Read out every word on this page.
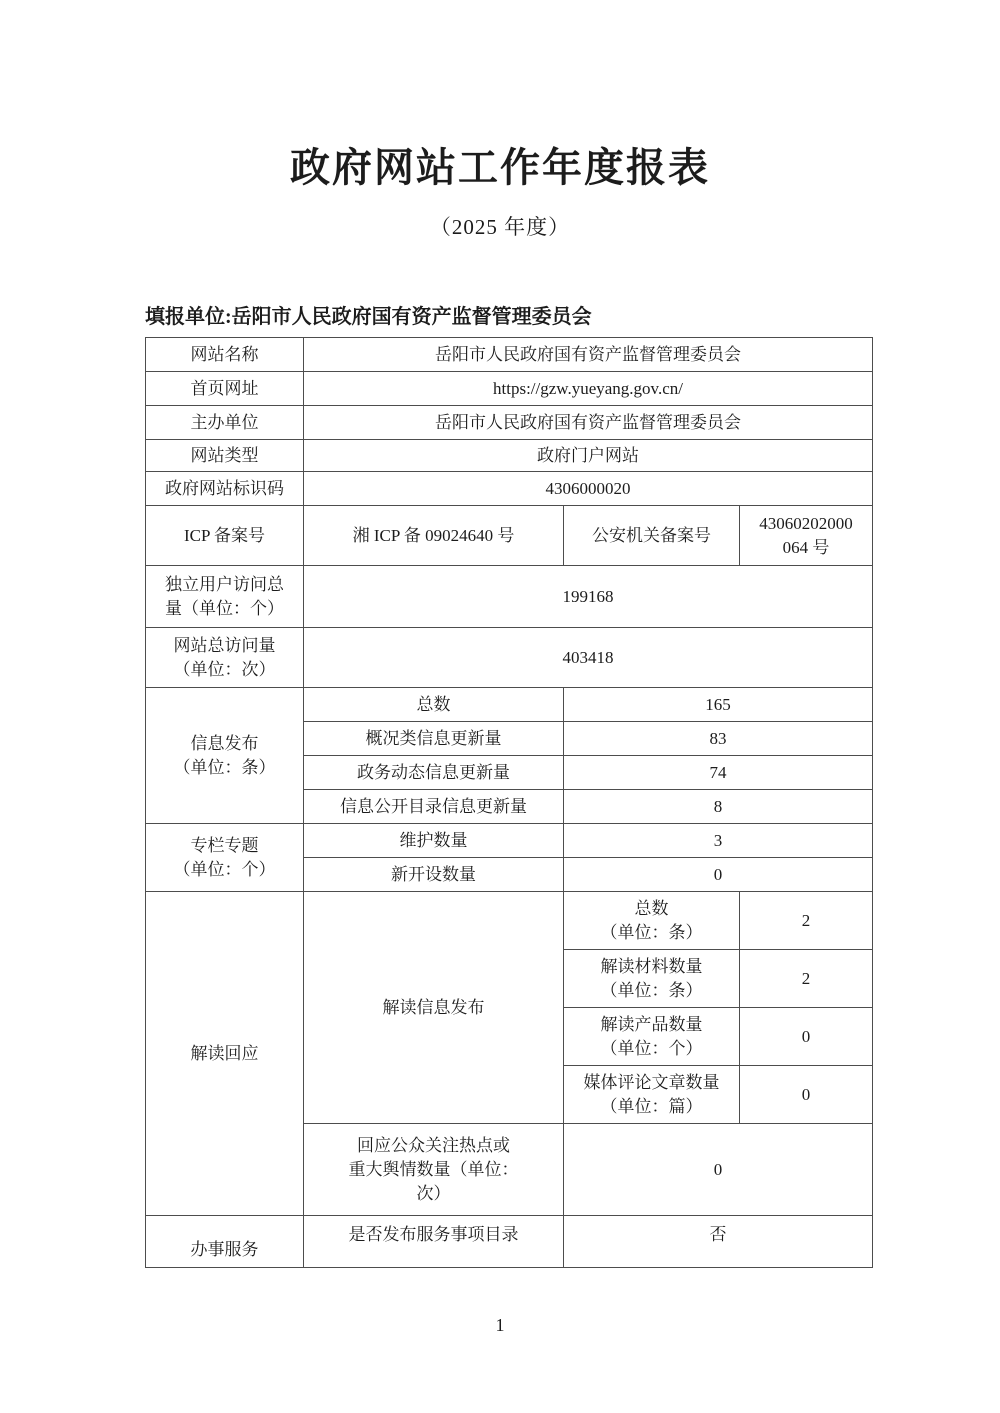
政府网站工作年度报表
（2025 年度）
填报单位:岳阳市人民政府国有资产监督管理委员会
网站名称	岳阳市人民政府国有资产监督管理委员会		
首页网址	https://gzw.yueyang.gov.cn/		
主办单位	岳阳市人民政府国有资产监督管理委员会		
网站类型	政府门户网站		
政府网站标识码	4306000020		
ICP 备案号	湘 ICP 备 09024640 号	公安机关备案号	43060202000
064 号

独立用户访问总
量（单位：个）	199168		

网站总访问量
（单位：次）	403418		

信息发布
（单位：条）	总数	165	
	概况类信息更新量	83	
	政务动态信息更新量	74	
	信息公开目录信息更新量	8	

专栏专题
（单位：个）	维护数量	3	
	新开设数量	0	
解读回应	解读信息发布	总数
（单位：条）	2

		解读材料数量
（单位：条）	2

		解读产品数量
（单位：个）	0

		媒体评论文章数量
（单位：篇）	0

	回应公众关注热点或
重大舆情数量（单位：
次）	0	
办事服务	是否发布服务事项目录	否	
1
